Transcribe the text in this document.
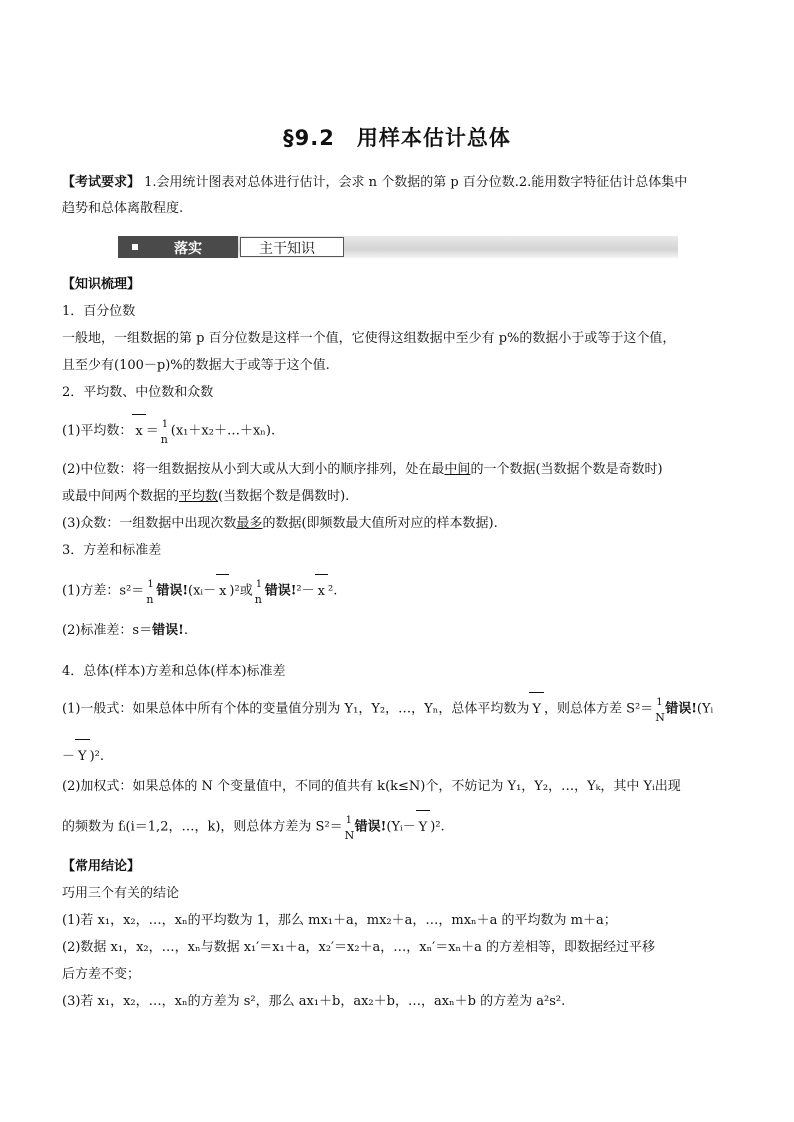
§9.2　用样本估计总体
【考试要求】 1.会用统计图表对总体进行估计，会求 n 个数据的第 p 百分位数.2.能用数字特征估计总体集中
趋势和总体离散程度.
落实	主干知识
【知识梳理】
1．百分位数
一般地，一组数据的第 p 百分位数是这样一个值，它使得这组数据中至少有 p%的数据小于或等于这个值，
且至少有(100－p)%的数据大于或等于这个值.
2．平均数、中位数和众数
(1)平均数： x ＝ 1
n
(x₁＋x₂＋…＋xₙ).
(2)中位数：将一组数据按从小到大或从大到小的顺序排列，处在最中间的一个数据(当数据个数是奇数时)
或最中间两个数据的平均数(当数据个数是偶数时).
(3)众数：一组数据中出现次数最多的数据(即频数最大值所对应的样本数据).
3．方差和标准差
(1)方差：s²＝ 1
n
错误!(xᵢ－ x )²或 1
n
错误!²－ x ².
(2)标准差：s＝错误!.
4．总体(样本)方差和总体(样本)标准差
(1)一般式：如果总体中所有个体的变量值分别为 Y₁，Y₂，…，Yₙ，总体平均数为 Y ，则总体方差 S²＝ 1
N
错误!(Yᵢ
－ Y )².
(2)加权式：如果总体的 N 个变量值中，不同的值共有 k(k≤N)个，不妨记为 Y₁，Y₂，…，Yₖ，其中 Yᵢ出现
的频数为 fᵢ(i＝1,2，…，k)，则总体方差为 S²＝ 1
N
错误!(Yᵢ－ Y )².
【常用结论】
巧用三个有关的结论
(1)若 x₁，x₂，…，xₙ的平均数为 1，那么 mx₁＋a，mx₂＋a，…，mxₙ＋a 的平均数为 m＋a；
(2)数据 x₁，x₂，…，xₙ与数据 x₁′＝x₁＋a，x₂′＝x₂＋a，…，xₙ′＝xₙ＋a 的方差相等，即数据经过平移
后方差不变；
(3)若 x₁，x₂，…，xₙ的方差为 s²，那么 ax₁＋b，ax₂＋b，…，axₙ＋b 的方差为 a²s².
